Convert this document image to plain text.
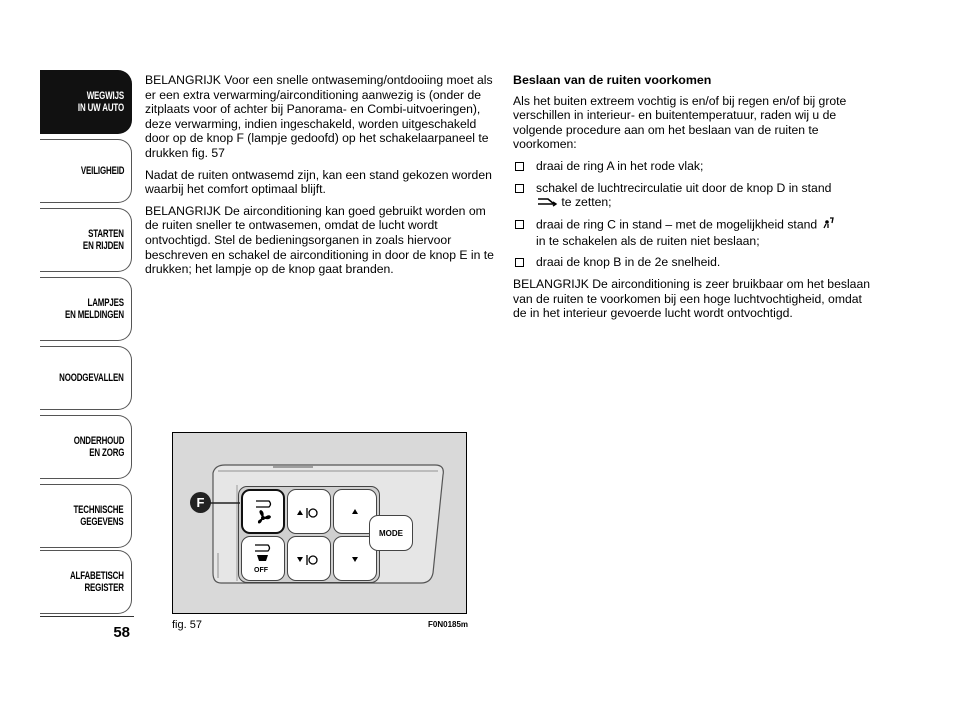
WEGWIJS
IN UW AUTO
VEILIGHEID
STARTEN
EN RIJDEN
LAMPJES
EN MELDINGEN
NOODGEVALLEN
ONDERHOUD
EN ZORG
TECHNISCHE
GEGEVENS
ALFABETISCH
REGISTER
58

BELANGRIJK Voor een snelle ontwaseming/ontdooiing moet als er een extra verwarming/airconditioning aanwezig is (onder de zitplaats voor of achter bij Panorama- en Combi-uitvoeringen), deze verwarming, indien ingeschakeld, worden uitgeschakeld door op de knop F (lampje gedoofd) op het schakelaarpaneel te drukken fig. 57

Nadat de ruiten ontwasemd zijn, kan een stand gekozen worden waarbij het comfort optimaal blijft.

BELANGRIJK De airconditioning kan goed gebruikt worden om de ruiten sneller te ontwasemen, omdat de lucht wordt ontvochtigd. Stel de bedieningsorganen in zoals hiervoor beschreven en schakel de airconditioning in door de knop E in te drukken; het lampje op de knop gaat branden.

Beslaan van de ruiten voorkomen

Als het buiten extreem vochtig is en/of bij regen en/of bij grote verschillen in interieur- en buitentemperatuur, raden wij u de volgende procedure aan om het beslaan van de ruiten te voorkomen:

draai de ring A in het rode vlak;
schakel de luchtrecirculatie uit door de knop D in stand
te zetten;
draai de ring C in stand – met de mogelijkheid stand
in te schakelen als de ruiten niet beslaan;
draai de knop B in de 2e snelheid.

BELANGRIJK De airconditioning is zeer bruikbaar om het beslaan van de ruiten te voorkomen bij een hoge luchtvochtigheid, omdat de in het interieur gevoerde lucht wordt ontvochtigd.

OFF
MODE
F
fig. 57	F0N0185m
